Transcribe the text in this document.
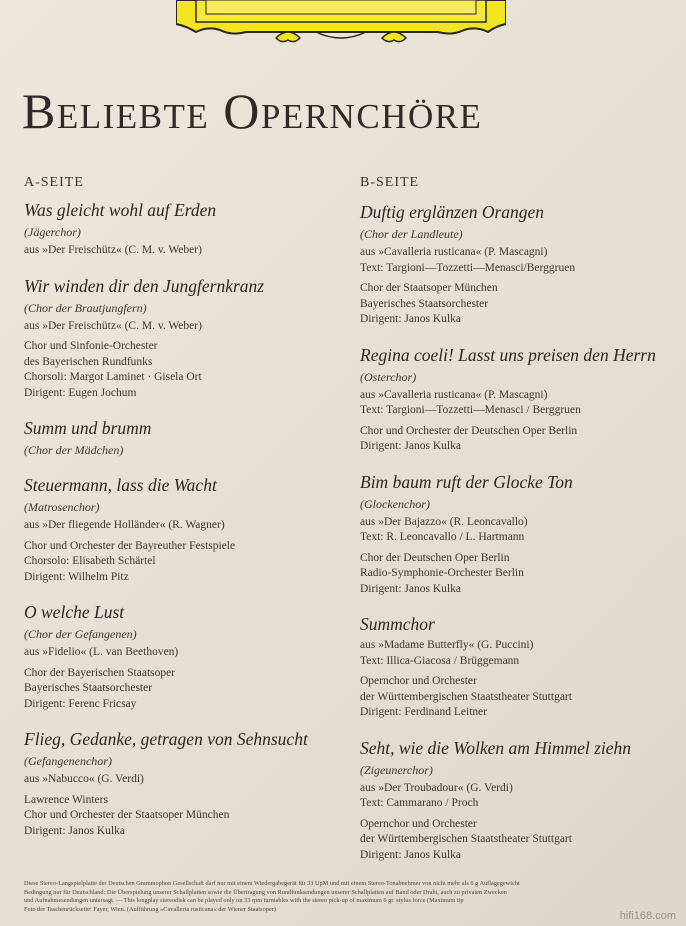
Beliebte Opernchöre
A-SEITE
Was gleicht wohl auf Erden
(Jägerchor)
aus »Der Freischütz« (C. M. v. Weber)
Wir winden dir den Jungfernkranz
(Chor der Brautjungfern)
aus »Der Freischütz« (C. M. v. Weber)
Chor und Sinfonie-Orchester
des Bayerischen Rundfunks
Chorsoli: Margot Laminet · Gisela Ort
Dirigent: Eugen Jochum
Summ und brumm
(Chor der Mädchen)
Steuermann, lass die Wacht
(Matrosenchor)
aus »Der fliegende Holländer« (R. Wagner)
Chor und Orchester der Bayreuther Festspiele
Chorsolo: Elisabeth Schärtel
Dirigent: Wilhelm Pitz
O welche Lust
(Chor der Gefangenen)
aus »Fidelio« (L. van Beethoven)
Chor der Bayerischen Staatsoper
Bayerisches Staatsorchester
Dirigent: Ferenc Fricsay
Flieg, Gedanke, getragen von Sehnsucht
(Gefangenenchor)
aus »Nabucco« (G. Verdi)
Lawrence Winters
Chor und Orchester der Staatsoper München
Dirigent: Janos Kulka
B-SEITE
Duftig erglänzen Orangen
(Chor der Landleute)
aus »Cavalleria rusticana« (P. Mascagni)
Text: Targioni—Tozzetti—Menasci/Berggruen
Chor der Staatsoper München
Bayerisches Staatsorchester
Dirigent: Janos Kulka
Regina coeli! Lasst uns preisen den Herrn
(Osterchor)
aus »Cavalleria rusticana« (P. Mascagni)
Text: Targioni—Tozzetti—Menasci / Berggruen
Chor und Orchester der Deutschen Oper Berlin
Dirigent: Janos Kulka
Bim baum ruft der Glocke Ton
(Glockenchor)
aus »Der Bajazzo« (R. Leoncavallo)
Text: R. Leoncavallo / L. Hartmann
Chor der Deutschen Oper Berlin
Radio-Symphonie-Orchester Berlin
Dirigent: Janos Kulka
Summchor
aus »Madame Butterfly« (G. Puccini)
Text: Illica-Giacosa / Brüggemann
Opernchor und Orchester
der Württembergischen Staatstheater Stuttgart
Dirigent: Ferdinand Leitner
Seht, wie die Wolken am Himmel ziehn
(Zigeunerchor)
aus »Der Troubadour« (G. Verdi)
Text: Cammarano / Proch
Opernchor und Orchester
der Württembergischen Staatstheater Stuttgart
Dirigent: Janos Kulka
Diese Stereo-Langspielplatte der Deutschen Grammophon Gesellschaft darf nur mit einem Wiedergabegerät für 33 UpM und mit einem Stereo-Tonabnehmer von nicht mehr als 6 g Auflagegewicht
Bedingung nur für Deutschland: Die Überspielung unserer Schallplatten sowie die Übertragung von Rundfunksendungen unserer Schallplatten auf Band oder Draht, auch zu privaten Zwecken
und Aufnahmesendungen untersagt. — This longplay stereodisk can be played only on 33 rpm turntables with the stereo pick-up of maximum 6 gr. stylus force (Maximum tip
Foto der Taschenrückseite: Fayer, Wien. (Aufführung »Cavalleria rusticana« der Wiener Staatsoper)
hifi168.com
